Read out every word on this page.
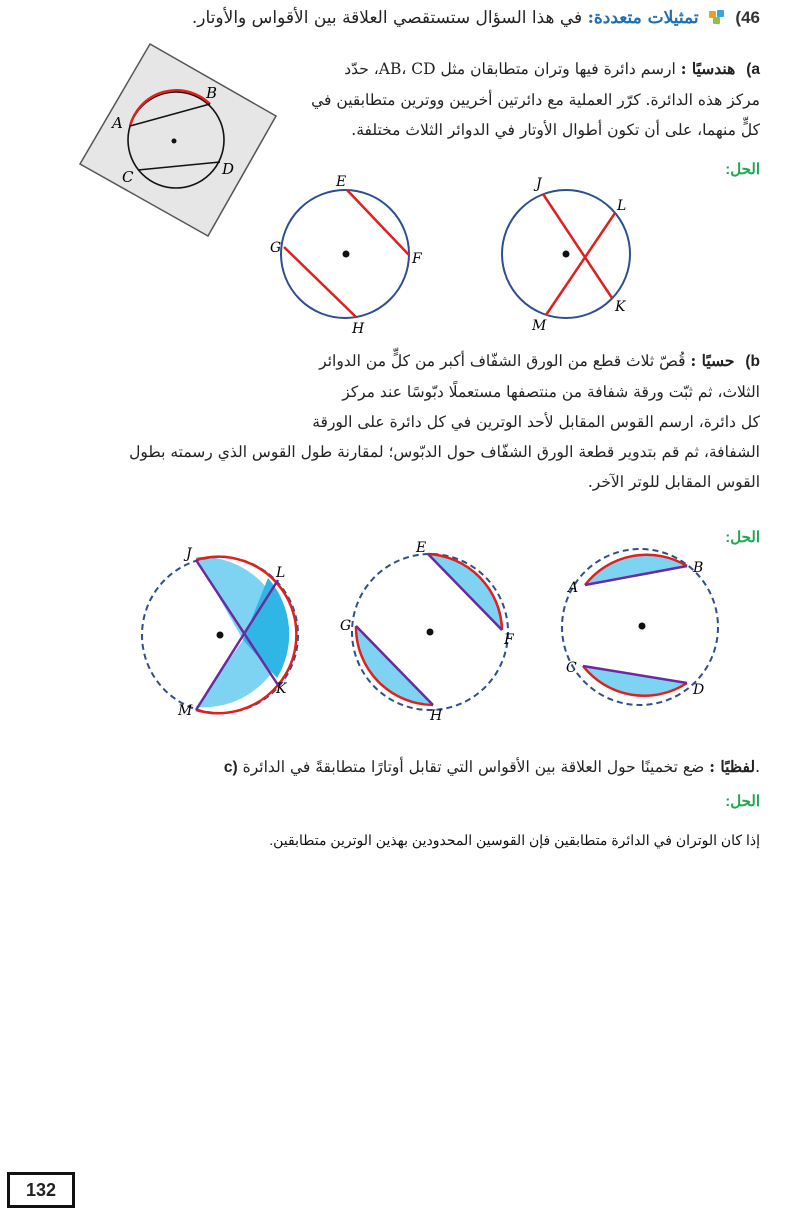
46)  تمثيلات متعددة: في هذا السؤال ستستقصي العلاقة بين الأقواس والأوتار.
a) هندسيًا : ارسم دائرة فيها وتران متطابقان مثل AB، CD، حدّد
مركز هذه الدائرة. كرّر العملية مع دائرتين أخريين ووترين متطابقين في
كلٍّ منهما، على أن تكون أطوال الأوتار في الدوائر الثلاث مختلفة.
A
B
C	D	الحل:
E
F
G
H
J
L
K
M
b) حسيًا : قُصّ ثلاث قطع من الورق الشفّاف أكبر من كلٍّ من الدوائر
الثلاث، ثم ثبّت ورقة شفافة من منتصفها مستعملًا دبّوسًا عند مركز
كل دائرة، ارسم القوس المقابل لأحد الوترين في كل دائرة على الورقة
الشفافة، ثم قم بتدوير قطعة الورق الشفّاف حول الدبّوس؛ لمقارنة طول القوس الذي رسمته بطول
القوس المقابل للوتر الآخر.
الحل:
J
L
K
M
E
F
G
H
A
B
C
D
c)	لفظيًا : ضع تخمينًا حول العلاقة بين الأقواس التي تقابل أوتارًا متطابقةً في الدائرة.
الحل:
إذا كان الوتران في الدائرة متطابقين فإن القوسين المحدودين بهذين الوترين متطابقين.
132
